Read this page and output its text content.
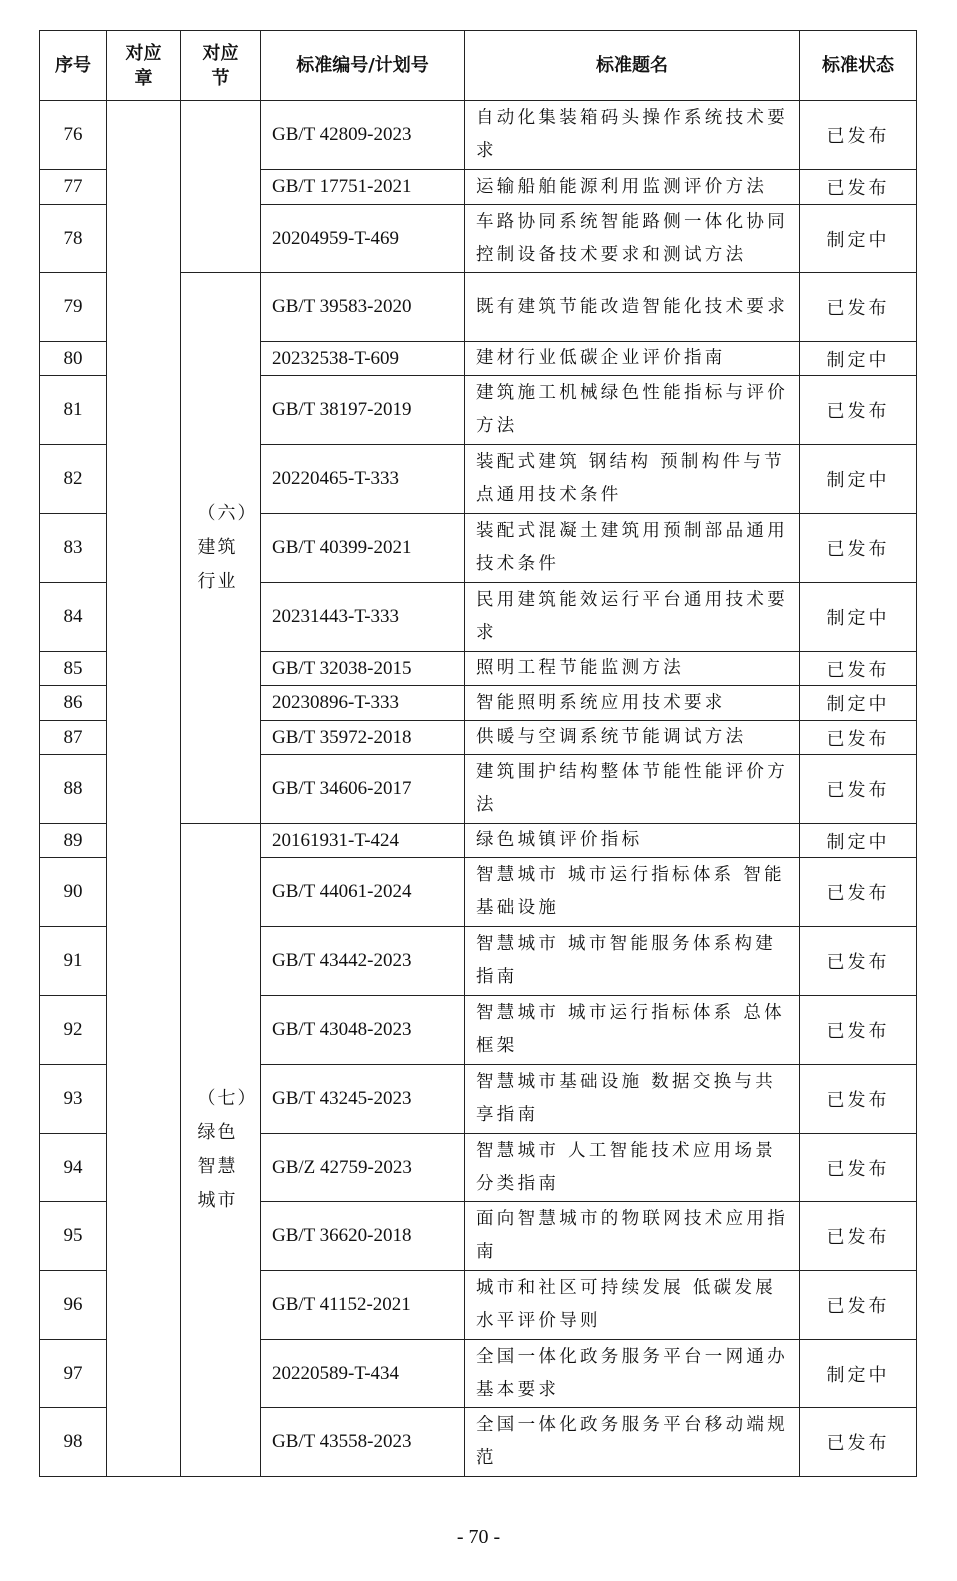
序号	对应章	对应节	标准编号/计划号	标准题名	标准状态
76			GB/T 42809-2023	自动化集装箱码头操作系统技术要求	已发布
77			GB/T 17751-2021	运输船舶能源利用监测评价方法	已发布
78			20204959-T-469	车路协同系统智能路侧一体化协同控制设备技术要求和测试方法	制定中
79		（六）建筑行业	GB/T 39583-2020	既有建筑节能改造智能化技术要求	已发布
80			20232538-T-609	建材行业低碳企业评价指南	制定中
81			GB/T 38197-2019	建筑施工机械绿色性能指标与评价方法	已发布
82			20220465-T-333	装配式建筑 钢结构 预制构件与节点通用技术条件	制定中
83			GB/T 40399-2021	装配式混凝土建筑用预制部品通用技术条件	已发布
84			20231443-T-333	民用建筑能效运行平台通用技术要求	制定中
85			GB/T 32038-2015	照明工程节能监测方法	已发布
86			20230896-T-333	智能照明系统应用技术要求	制定中
87			GB/T 35972-2018	供暖与空调系统节能调试方法	已发布
88			GB/T 34606-2017	建筑围护结构整体节能性能评价方法	已发布
89		（七）绿色智慧城市	20161931-T-424	绿色城镇评价指标	制定中
90			GB/T 44061-2024	智慧城市 城市运行指标体系 智能基础设施	已发布
91			GB/T 43442-2023	智慧城市 城市智能服务体系构建指南	已发布
92			GB/T 43048-2023	智慧城市 城市运行指标体系 总体框架	已发布
93			GB/T 43245-2023	智慧城市基础设施 数据交换与共享指南	已发布
94			GB/Z 42759-2023	智慧城市 人工智能技术应用场景分类指南	已发布
95			GB/T 36620-2018	面向智慧城市的物联网技术应用指南	已发布
96			GB/T 41152-2021	城市和社区可持续发展 低碳发展水平评价导则	已发布
97			20220589-T-434	全国一体化政务服务平台一网通办基本要求	制定中
98			GB/T 43558-2023	全国一体化政务服务平台移动端规范	已发布
- 70 -
